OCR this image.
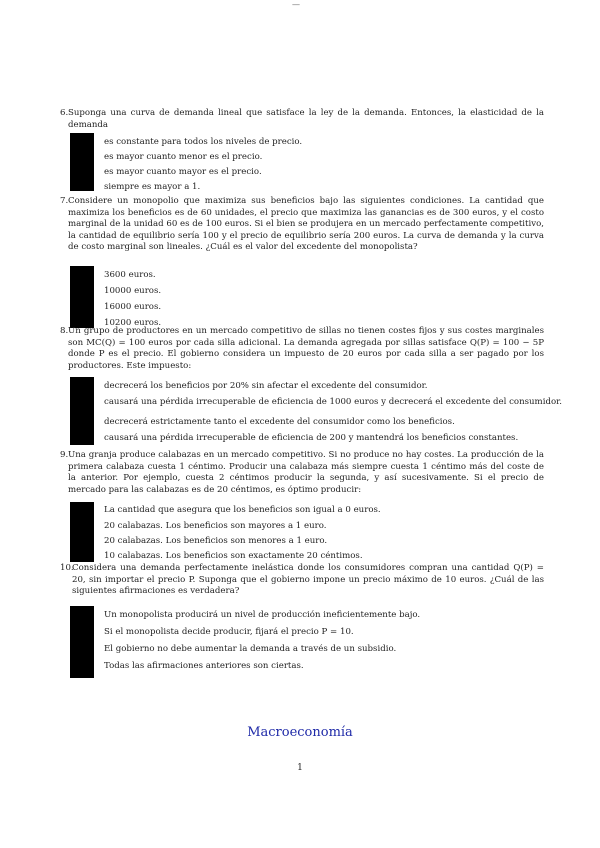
—
6. Suponga una curva de demanda lineal que satisface la ley de la demanda. Entonces, la elasticidad de la demanda
es constante para todos los niveles de precio.
es mayor cuanto menor es el precio.
es mayor cuanto mayor es el precio.
siempre es mayor a 1.
7. Considere un monopolio que maximiza sus beneficios bajo las siguientes condiciones. La cantidad que maximiza los beneficios es de 60 unidades, el precio que maximiza las ganancias es de 300 euros, y el costo marginal de la unidad 60 es de 100 euros. Si el bien se produjera en un mercado perfectamente competitivo, la cantidad de equilibrio sería 100 y el precio de equilibrio sería 200 euros. La curva de demanda y la curva de costo marginal son lineales. ¿Cuál es el valor del excedente del monopolista?
3600 euros.
10000 euros.
16000 euros.
10200 euros.
8. Un grupo de productores en un mercado competitivo de sillas no tienen costes fijos y sus costes marginales son MC(Q) = 100 euros por cada silla adicional. La demanda agregada por sillas satisface Q(P) = 100 − 5P donde P es el precio. El gobierno considera un impuesto de 20 euros por cada silla a ser pagado por los productores. Este impuesto:
decrecerá los beneficios por 20% sin afectar el excedente del consumidor.
causará una pérdida irrecuperable de eficiencia de 1000 euros y decrecerá el excedente del consumidor.
decrecerá estrictamente tanto el excedente del consumidor como los beneficios.
causará una pérdida irrecuperable de eficiencia de 200 y mantendrá los beneficios constantes.
9. Una granja produce calabazas en un mercado competitivo. Si no produce no hay costes. La producción de la primera calabaza cuesta 1 céntimo. Producir una calabaza más siempre cuesta 1 céntimo más del coste de la anterior. Por ejemplo, cuesta 2 céntimos producir la segunda, y así sucesivamente. Si el precio de mercado para las calabazas es de 20 céntimos, es óptimo producir:
La cantidad que asegura que los beneficios son igual a 0 euros.
20 calabazas. Los beneficios son mayores a 1 euro.
20 calabazas. Los beneficios son menores a 1 euro.
10 calabazas. Los beneficios son exactamente 20 céntimos.
10.
Considera una demanda perfectamente inelástica donde los consumidores compran una cantidad Q(P) = 20, sin importar el precio P. Suponga que el gobierno impone un precio máximo de 10 euros. ¿Cuál de las siguientes afirmaciones es verdadera?
Un monopolista producirá un nivel de producción ineficientemente bajo.
Si el monopolista decide producir, fijará el precio P = 10.
El gobierno no debe aumentar la demanda a través de un subsidio.
Todas las afirmaciones anteriores son ciertas.
Macroeconomía
1
